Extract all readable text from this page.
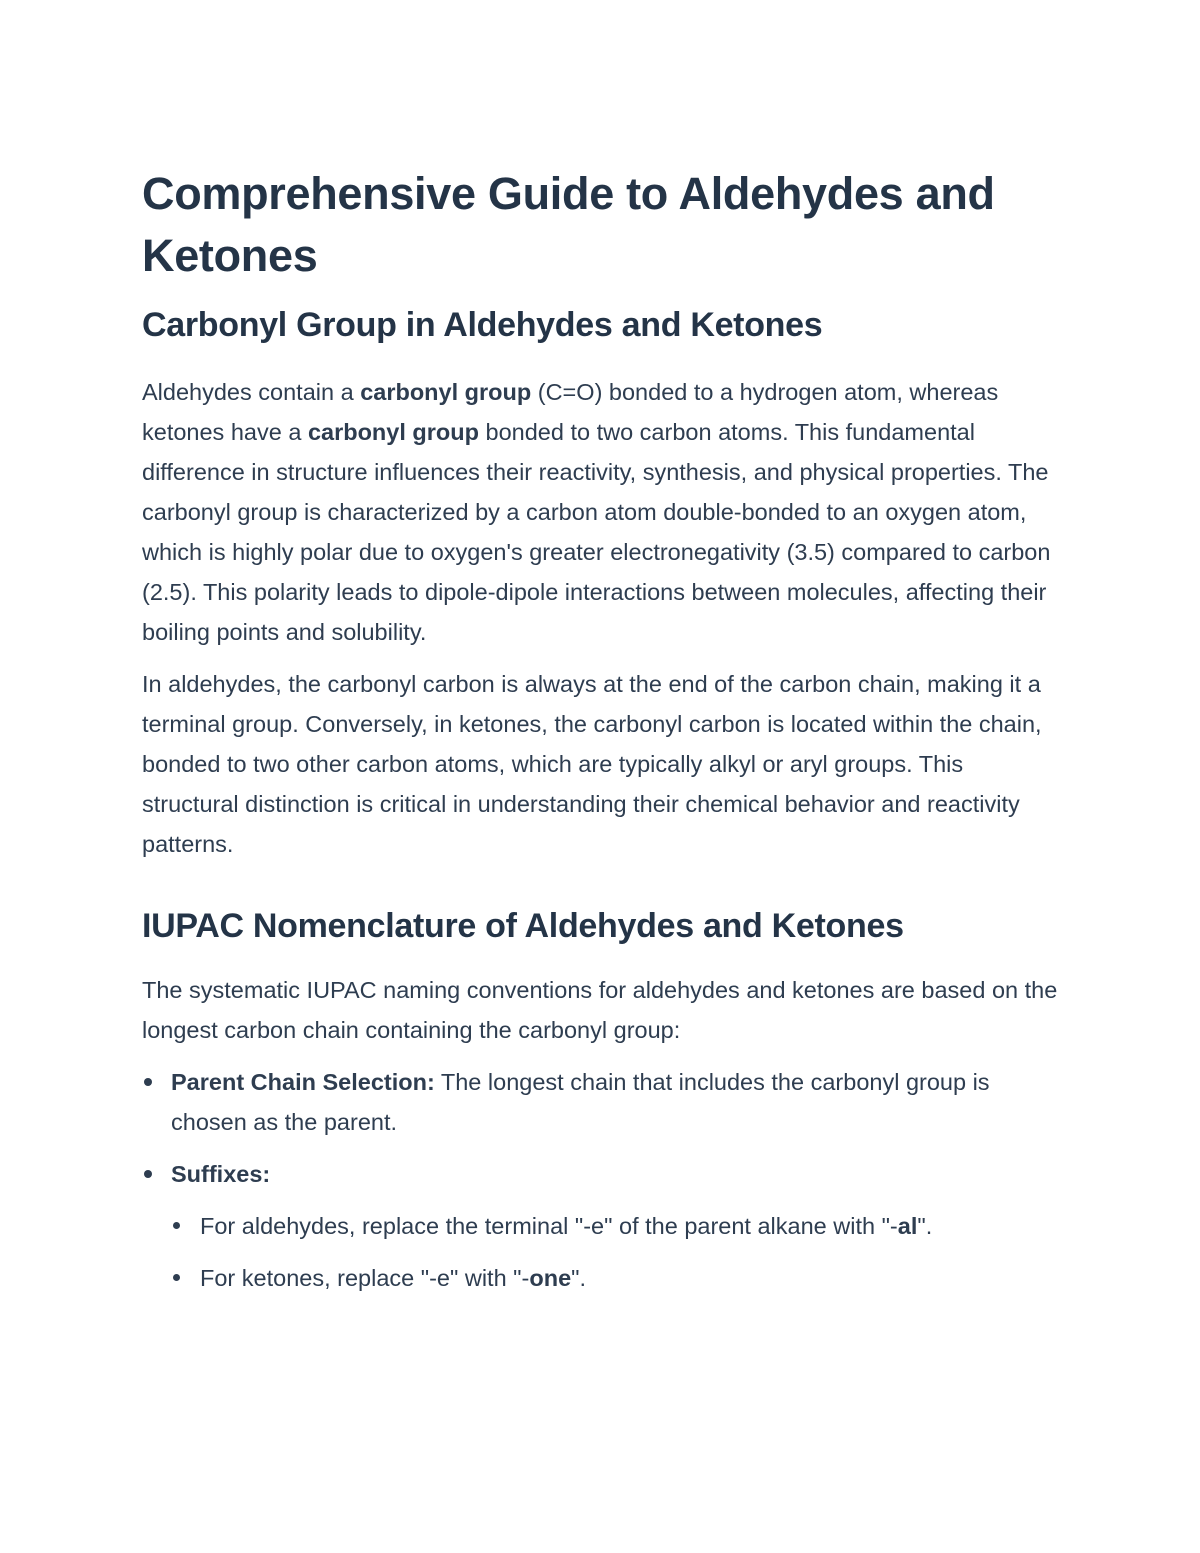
Comprehensive Guide to Aldehydes and Ketones
Carbonyl Group in Aldehydes and Ketones

Aldehydes contain a carbonyl group (C=O) bonded to a hydrogen atom, whereas ketones have a carbonyl group bonded to two carbon atoms. This fundamental difference in structure influences their reactivity, synthesis, and physical properties. The carbonyl group is characterized by a carbon atom double-bonded to an oxygen atom, which is highly polar due to oxygen's greater electronegativity (3.5) compared to carbon (2.5). This polarity leads to dipole-dipole interactions between molecules, affecting their boiling points and solubility.

In aldehydes, the carbonyl carbon is always at the end of the carbon chain, making it a terminal group. Conversely, in ketones, the carbonyl carbon is located within the chain, bonded to two other carbon atoms, which are typically alkyl or aryl groups. This structural distinction is critical in understanding their chemical behavior and reactivity patterns.

IUPAC Nomenclature of Aldehydes and Ketones

The systematic IUPAC naming conventions for aldehydes and ketones are based on the longest carbon chain containing the carbonyl group:

Parent Chain Selection: The longest chain that includes the carbonyl group is chosen as the parent.
Suffixes:
For aldehydes, replace the terminal "-e" of the parent alkane with "-al".
For ketones, replace "-e" with "-one".
